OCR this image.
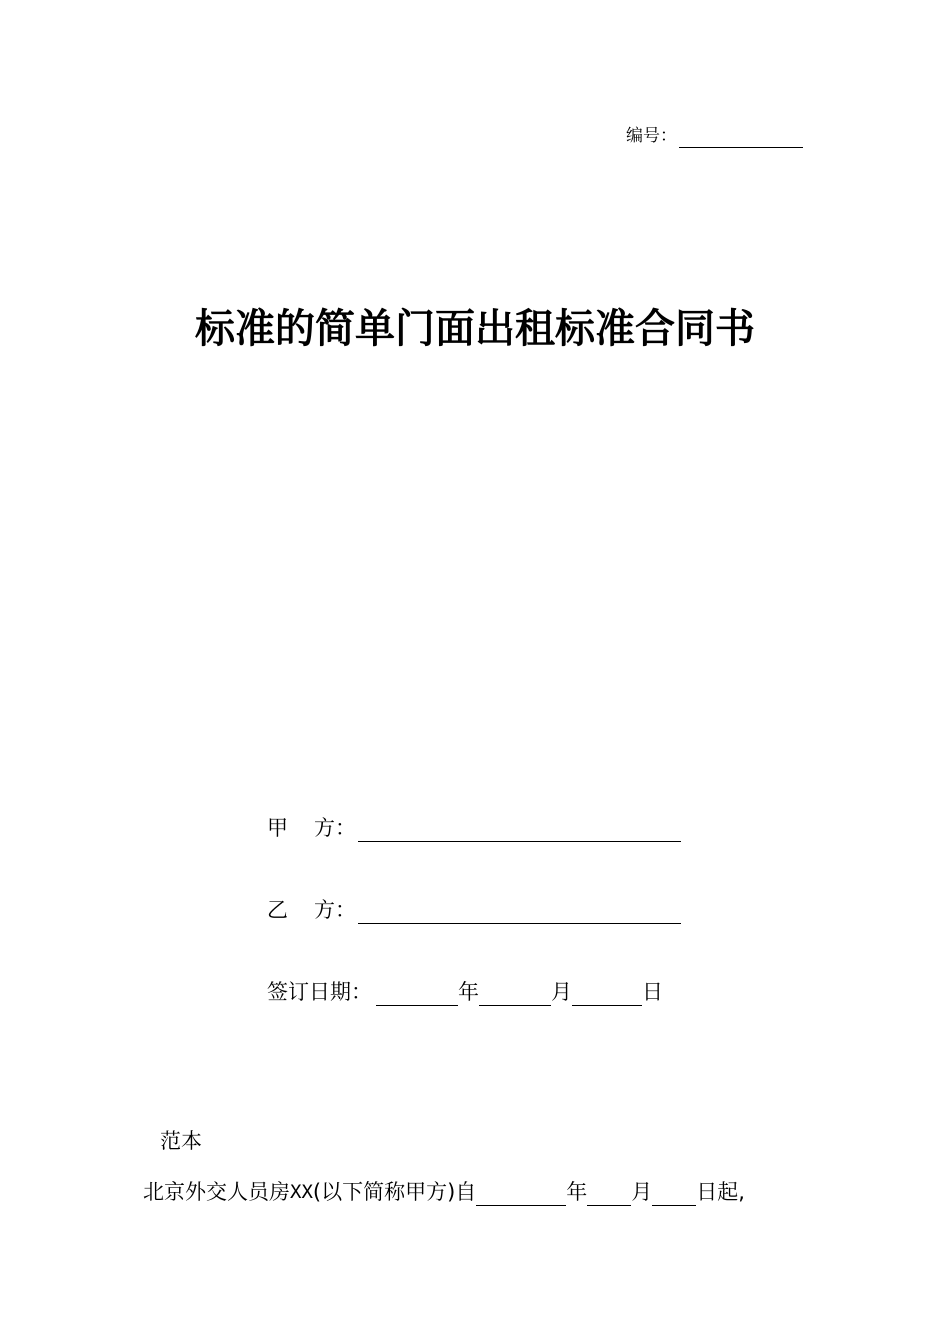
编号：
标准的简单门面出租标准合同书
甲 方：
乙 方：
签订日期：	年	月	日
范本
北京外交人员房 XX (以下简称甲方)自	年 月 日起,
